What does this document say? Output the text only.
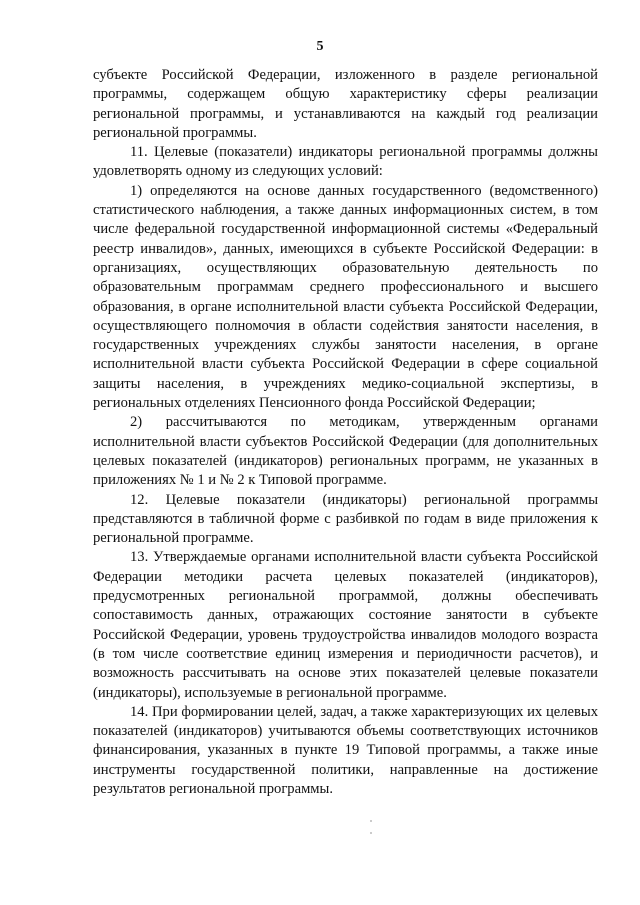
5

субъекте Российской Федерации, изложенного в разделе региональной программы, содержащем общую характеристику сферы реализации региональной программы, и устанавливаются на каждый год реализации региональной программы.

11. Целевые (показатели) индикаторы региональной программы должны удовлетворять одному из следующих условий:

1) определяются на основе данных государственного (ведомственного) статистического наблюдения, а также данных информационных систем, в том числе федеральной государственной информационной системы «Федеральный реестр инвалидов», данных, имеющихся в субъекте Российской Федерации: в организациях, осуществляющих образовательную деятельность по образовательным программам среднего профессионального и высшего образования, в органе исполнительной власти субъекта Российской Федерации, осуществляющего полномочия в области содействия занятости населения, в государственных учреждениях службы занятости населения, в органе исполнительной власти субъекта Российской Федерации в сфере социальной защиты населения, в учреждениях медико-социальной экспертизы, в региональных отделениях Пенсионного фонда Российской Федерации;

2) рассчитываются по методикам, утвержденным органами исполнительной власти субъектов Российской Федерации (для дополнительных целевых показателей (индикаторов) региональных программ, не указанных в приложениях № 1 и № 2 к Типовой программе.

12. Целевые показатели (индикаторы) региональной программы представляются в табличной форме с разбивкой по годам в виде приложения к региональной программе.

13. Утверждаемые органами исполнительной власти субъекта Российской Федерации методики расчета целевых показателей (индикаторов), предусмотренных региональной программой, должны обеспечивать сопоставимость данных, отражающих состояние занятости в субъекте Российской Федерации, уровень трудоустройства инвалидов молодого возраста (в том числе соответствие единиц измерения и периодичности расчетов), и возможность рассчитывать на основе этих показателей целевые показатели (индикаторы), используемые в региональной программе.

14. При формировании целей, задач, а также характеризующих их целевых показателей (индикаторов) учитываются объемы соответствующих источников финансирования, указанных в пункте 19 Типовой программы, а также иные инструменты государственной политики, направленные на достижение результатов региональной программы.
